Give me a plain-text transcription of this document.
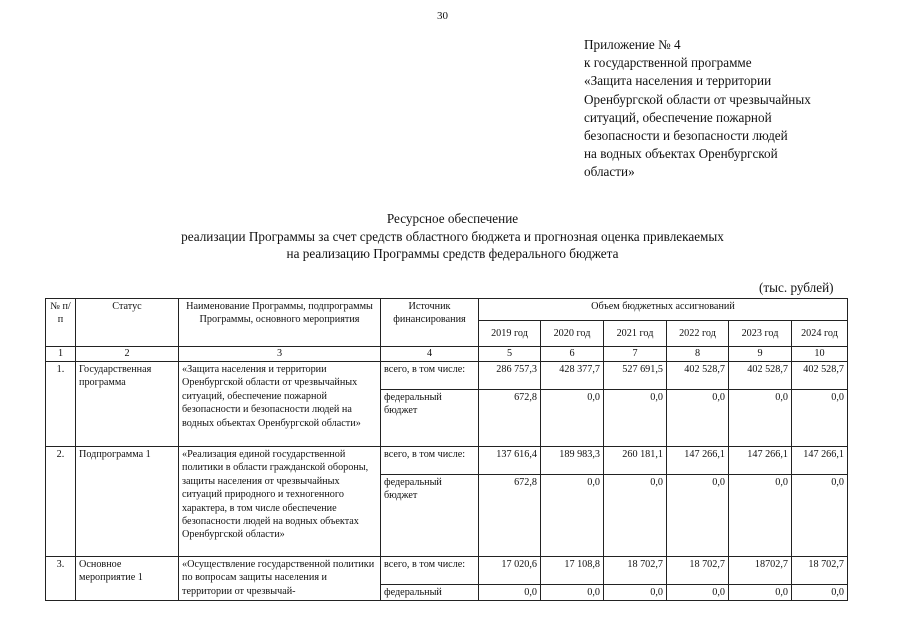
30
Приложение № 4
к государственной программе
«Защита населения и территории
Оренбургской области от чрезвычайных
ситуаций, обеспечение пожарной
безопасности и безопасности людей
на водных объектах Оренбургской
области»
Ресурсное обеспечение
реализации Программы за счет средств областного бюджета и прогнозная оценка привлекаемых
на реализацию Программы средств федерального бюджета
(тыс. рублей)
№ п/п	Статус	Наименование Программы, подпрограммы Программы, основного мероприятия	Источник финансирования	Объем бюджетных ассигнований					
				2019 год	2020 год	2021 год	2022 год	2023 год	2024 год
1	2	3	4	5	6	7	8	9	10
1.	Государственная программа	«Защита населения и территории Оренбургской области от чрезвычайных ситуаций, обеспечение пожарной безопасности и безопасности людей на водных объектах Оренбургской области»	всего, в том числе:	286 757,3	428 377,7	527 691,5	402 528,7	402 528,7	402 528,7
			федеральный бюджет	672,8	0,0	0,0	0,0	0,0	0,0
2.	Подпрограмма 1	«Реализация единой государственной политики в области гражданской обороны, защиты населения от чрезвычайных ситуаций природного и техногенного характера, в том числе обеспечение безопасности людей на водных объектах Оренбургской области»	всего, в том числе:	137 616,4	189 983,3	260 181,1	147 266,1	147 266,1	147 266,1
			федеральный бюджет	672,8	0,0	0,0	0,0	0,0	0,0
3.	Основное мероприятие 1	«Осуществление государственной политики по вопросам защиты населения и территории от чрезвычай-	всего, в том числе:	17 020,6	17 108,8	18 702,7	18 702,7	18702,7	18 702,7
			федеральный	0,0	0,0	0,0	0,0	0,0	0,0
